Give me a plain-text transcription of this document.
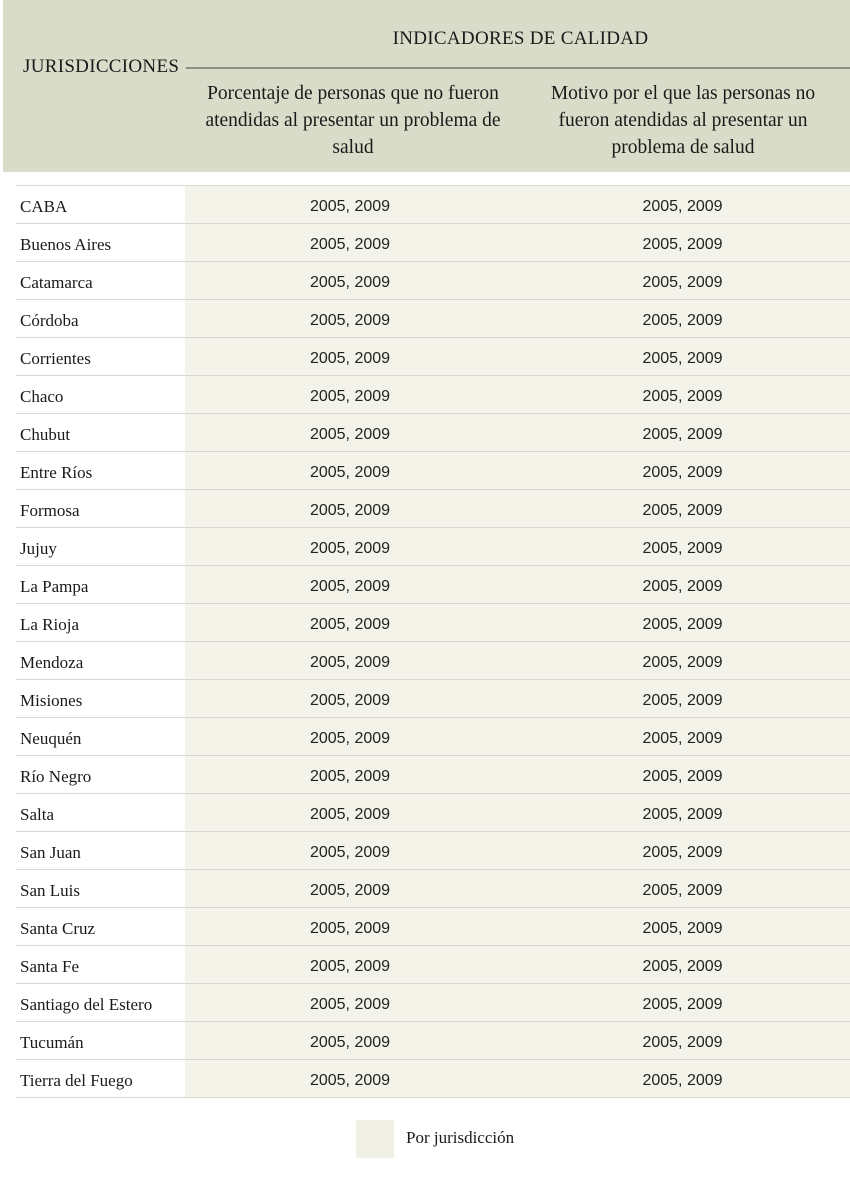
JURISDICCIONES
INDICADORES DE CALIDAD
Porcentaje de personas que no fueron atendidas al presentar un problema de salud
Motivo por el que las personas no fueron atendidas al presentar un problema de salud
CABA	2005, 2009	2005, 2009
Buenos Aires	2005, 2009	2005, 2009
Catamarca	2005, 2009	2005, 2009
Córdoba	2005, 2009	2005, 2009
Corrientes	2005, 2009	2005, 2009
Chaco	2005, 2009	2005, 2009
Chubut	2005, 2009	2005, 2009
Entre Ríos	2005, 2009	2005, 2009
Formosa	2005, 2009	2005, 2009
Jujuy	2005, 2009	2005, 2009
La Pampa	2005, 2009	2005, 2009
La Rioja	2005, 2009	2005, 2009
Mendoza	2005, 2009	2005, 2009
Misiones	2005, 2009	2005, 2009
Neuquén	2005, 2009	2005, 2009
Río Negro	2005, 2009	2005, 2009
Salta	2005, 2009	2005, 2009
San Juan	2005, 2009	2005, 2009
San Luis	2005, 2009	2005, 2009
Santa Cruz	2005, 2009	2005, 2009
Santa Fe	2005, 2009	2005, 2009
Santiago del Estero	2005, 2009	2005, 2009
Tucumán	2005, 2009	2005, 2009
Tierra del Fuego	2005, 2009	2005, 2009
Por jurisdicción
